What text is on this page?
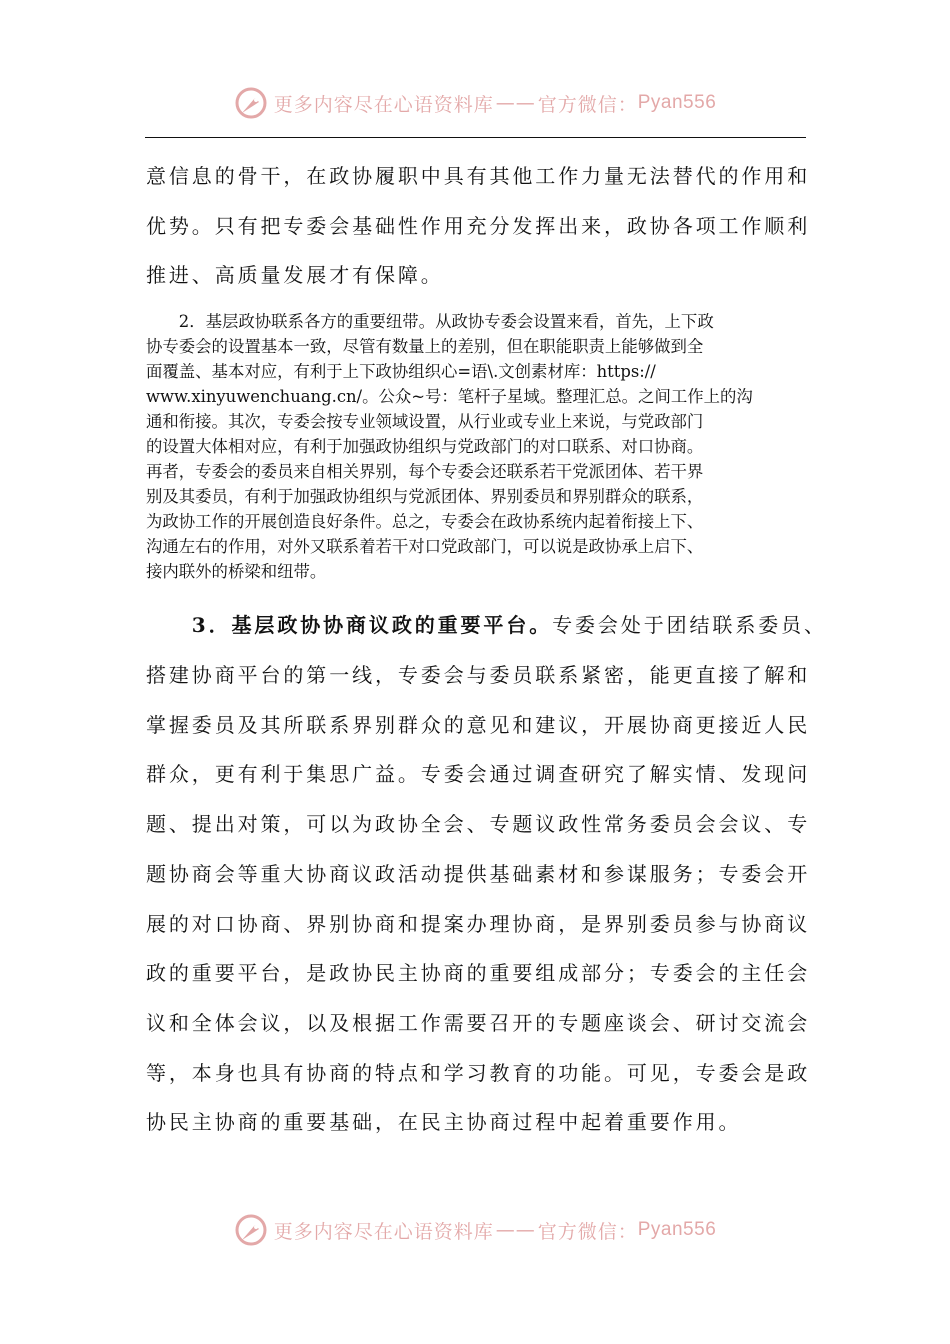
更多内容尽在心语资料库 —— 官方微信： Pyan556
意信息的骨干，在政协履职中具有其他工作力量无法替代的作用和
优势。只有把专委会基础性作用充分发挥出来，政协各项工作顺利
推进、高质量发展才有保障。
　　2．基层政协联系各方的重要纽带。从政协专委会设置来看，首先，上下政
协专委会的设置基本一致，尽管有数量上的差别，但在职能职责上能够做到全
面覆盖、基本对应，有利于上下政协组织心=语\.文创素材库：https://
www.xinyuwenchuang.cn/。公众~号：笔杆子星域。整理汇总。之间工作上的沟
通和衔接。其次，专委会按专业领域设置，从行业或专业上来说，与党政部门
的设置大体相对应，有利于加强政协组织与党政部门的对口联系、对口协商。
再者，专委会的委员来自相关界别，每个专委会还联系若干党派团体、若干界
别及其委员，有利于加强政协组织与党派团体、界别委员和界别群众的联系，
为政协工作的开展创造良好条件。总之，专委会在政协系统内起着衔接上下、
沟通左右的作用，对外又联系着若干对口党政部门，可以说是政协承上启下、
接内联外的桥梁和纽带。
　　3．基层政协协商议政的重要平台。专委会处于团结联系委员、
搭建协商平台的第一线，专委会与委员联系紧密，能更直接了解和
掌握委员及其所联系界别群众的意见和建议，开展协商更接近人民
群众，更有利于集思广益。专委会通过调查研究了解实情、发现问
题、提出对策，可以为政协全会、专题议政性常务委员会会议、专
题协商会等重大协商议政活动提供基础素材和参谋服务；专委会开
展的对口协商、界别协商和提案办理协商，是界别委员参与协商议
政的重要平台，是政协民主协商的重要组成部分；专委会的主任会
议和全体会议，以及根据工作需要召开的专题座谈会、研讨交流会
等，本身也具有协商的特点和学习教育的功能。可见，专委会是政
协民主协商的重要基础，在民主协商过程中起着重要作用。
更多内容尽在心语资料库 —— 官方微信： Pyan556
